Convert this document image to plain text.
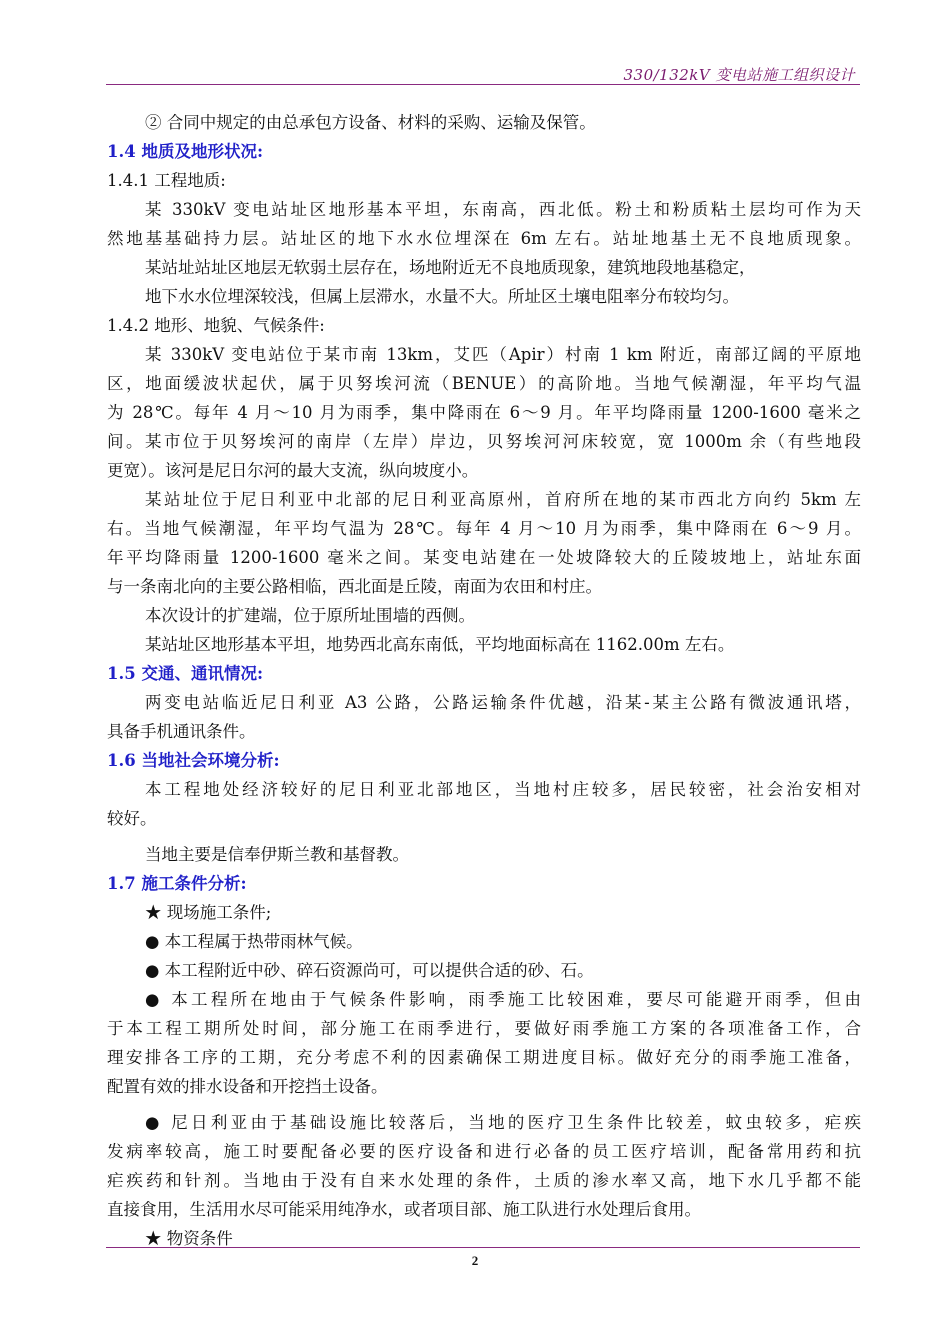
330/132kV 变电站施工组织设计
② 合同中规定的由总承包方设备、材料的采购、运输及保管。
1.4 地质及地形状况:
1.4.1 工程地质:
某 330kV 变电站址区地形基本平坦，东南高，西北低。粉土和粉质粘土层均可作为天
然地基基础持力层。站址区的地下水水位埋深在 6m 左右。站址地基土无不良地质现象。
某站址站址区地层无软弱土层存在，场地附近无不良地质现象，建筑地段地基稳定，
地下水水位埋深较浅，但属上层滞水，水量不大。所址区土壤电阻率分布较均匀。
1.4.2 地形、地貌、气候条件:
某 330kV 变电站位于某市南 13km，艾匹（Apir）村南 1 km 附近，南部辽阔的平原地
区，地面缓波状起伏，属于贝努埃河流（BENUE）的高阶地。当地气候潮湿，年平均气温
为 28℃。每年 4 月～10 月为雨季，集中降雨在 6～9 月。年平均降雨量 1200-1600 毫米之
间。某市位于贝努埃河的南岸（左岸）岸边，贝努埃河河床较宽，宽 1000m 余（有些地段
更宽）。该河是尼日尔河的最大支流，纵向坡度小。
某站址位于尼日利亚中北部的尼日利亚高原州，首府所在地的某市西北方向约 5km 左
右。当地气候潮湿，年平均气温为 28℃。每年 4 月～10 月为雨季，集中降雨在 6～9 月。
年平均降雨量 1200-1600 毫米之间。某变电站建在一处坡降较大的丘陵坡地上，站址东面
与一条南北向的主要公路相临，西北面是丘陵，南面为农田和村庄。
本次设计的扩建端，位于原所址围墙的西侧。
某站址区地形基本平坦，地势西北高东南低，平均地面标高在 1162.00m 左右。
1.5 交通、通讯情况:
两变电站临近尼日利亚 A3 公路，公路运输条件优越，沿某-某主公路有微波通讯塔，
具备手机通讯条件。
1.6 当地社会环境分析:
本工程地处经济较好的尼日利亚北部地区，当地村庄较多，居民较密，社会治安相对
较好。
当地主要是信奉伊斯兰教和基督教。
1.7 施工条件分析:
★ 现场施工条件;
● 本工程属于热带雨林气候。
● 本工程附近中砂、碎石资源尚可，可以提供合适的砂、石。
● 本工程所在地由于气候条件影响，雨季施工比较困难，要尽可能避开雨季，但由
于本工程工期所处时间，部分施工在雨季进行，要做好雨季施工方案的各项准备工作，合
理安排各工序的工期，充分考虑不利的因素确保工期进度目标。做好充分的雨季施工准备，
配置有效的排水设备和开挖挡土设备。
● 尼日利亚由于基础设施比较落后，当地的医疗卫生条件比较差，蚊虫较多，疟疾
发病率较高，施工时要配备必要的医疗设备和进行必备的员工医疗培训，配备常用药和抗
疟疾药和针剂。当地由于没有自来水处理的条件，土质的渗水率又高，地下水几乎都不能
直接食用，生活用水尽可能采用纯净水，或者项目部、施工队进行水处理后食用。
★ 物资条件
2
